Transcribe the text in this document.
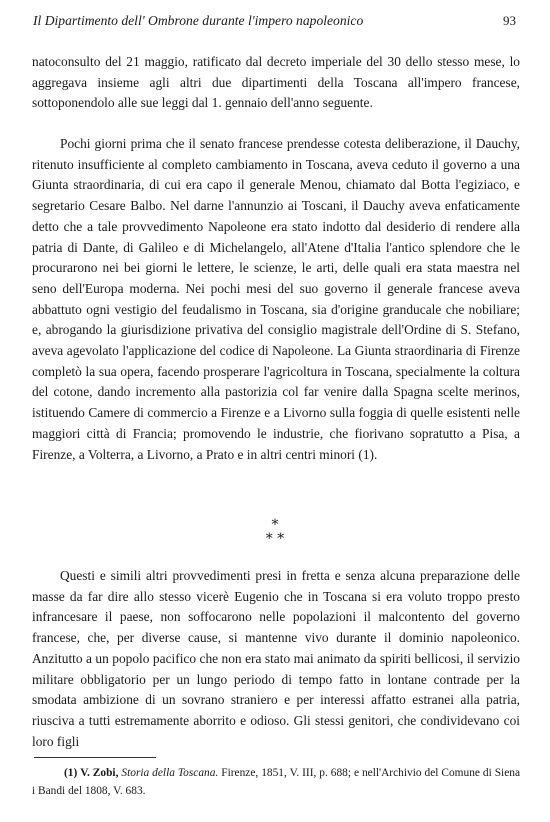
Il Dipartimento dell' Ombrone durante l'impero napoleonico	93

natoconsulto del 21 maggio, ratificato dal decreto imperiale del 30 dello stesso mese, lo aggregava insieme agli altri due dipartimenti della Toscana all'impero francese, sottoponendolo alle sue leggi dal 1. gennaio dell'anno seguente.

Pochi giorni prima che il senato francese prendesse cotesta deliberazione, il Dauchy, ritenuto insufficiente al completo cambiamento in Toscana, aveva ceduto il governo a una Giunta straordinaria, di cui era capo il generale Menou, chiamato dal Botta l'egiziaco, e segretario Cesare Balbo. Nel darne l'annunzio ai Toscani, il Dauchy aveva enfaticamente detto che a tale provvedimento Napoleone era stato indotto dal desiderio di rendere alla patria di Dante, di Galileo e di Michelangelo, all'Atene d'Italia l'antico splendore che le procurarono nei bei giorni le lettere, le scienze, le arti, delle quali era stata maestra nel seno dell'Europa moderna. Nei pochi mesi del suo governo il generale francese aveva abbattuto ogni vestigio del feudalismo in Toscana, sia d'origine granducale che nobiliare; e, abrogando la giurisdizione privativa del consiglio magistrale dell'Ordine di S. Stefano, aveva agevolato l'applicazione del codice di Napoleone. La Giunta straordinaria di Firenze completò la sua opera, facendo prosperare l'agricoltura in Toscana, specialmente la coltura del cotone, dando incremento alla pastorizia col far venire dalla Spagna scelte merinos, istituendo Camere di commercio a Firenze e a Livorno sulla foggia di quelle esistenti nelle maggiori città di Francia; promovendo le industrie, che fiorivano sopratutto a Pisa, a Firenze, a Volterra, a Livorno, a Prato e in altri centri minori (1).

*
* *

Questi e simili altri provvedimenti presi in fretta e senza alcuna preparazione delle masse da far dire allo stesso vicerè Eugenio che in Toscana si era voluto troppo presto infrancesare il paese, non soffocarono nelle popolazioni il malcontento del governo francese, che, per diverse cause, si mantenne vivo durante il dominio napoleonico. Anzitutto a un popolo pacifico che non era stato mai animato da spiriti bellicosi, il servizio militare obbligatorio per un lungo periodo di tempo fatto in lontane contrade per la smodata ambizione di un sovrano straniero e per interessi affatto estranei alla patria, riusciva a tutti estremamente aborrito e odioso. Gli stessi genitori, che condividevano coi loro figli

(1) V. Zobi, Storia della Toscana. Firenze, 1851, V. III, p. 688; e nell'Archivio del Comune di Siena i Bandi del 1808, V. 683.
